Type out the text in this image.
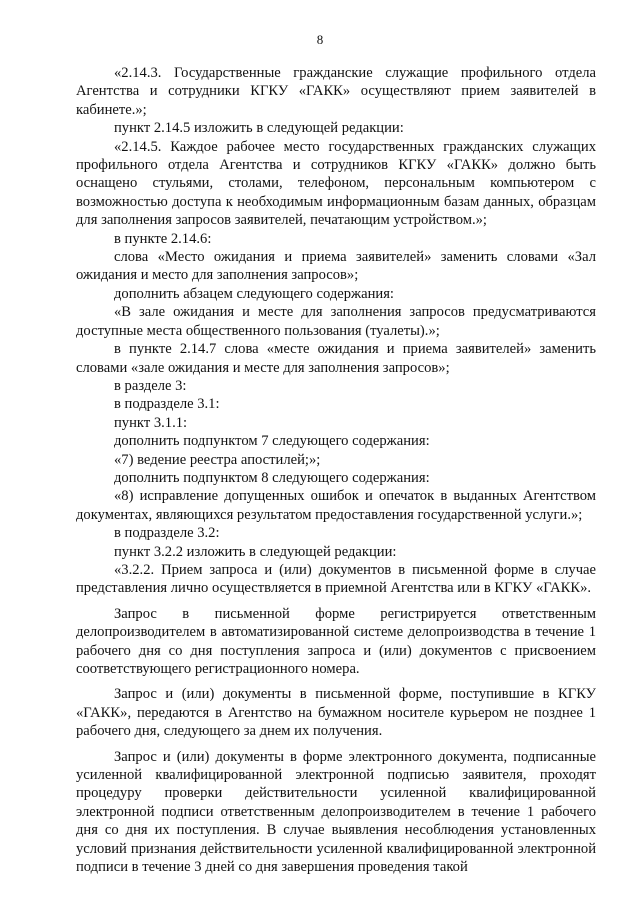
8

«2.14.3. Государственные гражданские служащие профильного отдела Агентства и сотрудники КГКУ «ГАКК» осуществляют прием заявителей в кабинете.»;

пункт 2.14.5 изложить в следующей редакции:

«2.14.5. Каждое рабочее место государственных гражданских служащих профильного отдела Агентства и сотрудников КГКУ «ГАКК» должно быть оснащено стульями, столами, телефоном, персональным компьютером с возможностью доступа к необходимым информационным базам данных, образцам для заполнения запросов заявителей, печатающим устройством.»;

в пункте 2.14.6:

слова «Место ожидания и приема заявителей» заменить словами «Зал ожидания и место для заполнения запросов»;

дополнить абзацем следующего содержания:

«В зале ожидания и месте для заполнения запросов предусматриваются доступные места общественного пользования (туалеты).»;

в пункте 2.14.7 слова «месте ожидания и приема заявителей» заменить словами «зале ожидания и месте для заполнения запросов»;

в разделе 3:

в подразделе 3.1:

пункт 3.1.1:

дополнить подпунктом 7 следующего содержания:

«7) ведение реестра апостилей;»;

дополнить подпунктом 8 следующего содержания:

«8) исправление допущенных ошибок и опечаток в выданных Агентством документах, являющихся результатом предоставления государственной услуги.»;

в подразделе 3.2:

пункт 3.2.2 изложить в следующей редакции:

«3.2.2. Прием запроса и (или) документов в письменной форме в случае представления лично осуществляется в приемной Агентства или в КГКУ «ГАКК».

Запрос в письменной форме регистрируется ответственным делопроизводителем в автоматизированной системе делопроизводства в течение 1 рабочего дня со дня поступления запроса и (или) документов с присвоением соответствующего регистрационного номера.

Запрос и (или) документы в письменной форме, поступившие в КГКУ «ГАКК», передаются в Агентство на бумажном носителе курьером не позднее 1 рабочего дня, следующего за днем их получения.

Запрос и (или) документы в форме электронного документа, подписанные усиленной квалифицированной электронной подписью заявителя, проходят процедуру проверки действительности усиленной квалифицированной электронной подписи ответственным делопроизводителем в течение 1 рабочего дня со дня их поступления. В случае выявления несоблюдения установленных условий признания действительности усиленной квалифицированной электронной подписи в течение 3 дней со дня завершения проведения такой
